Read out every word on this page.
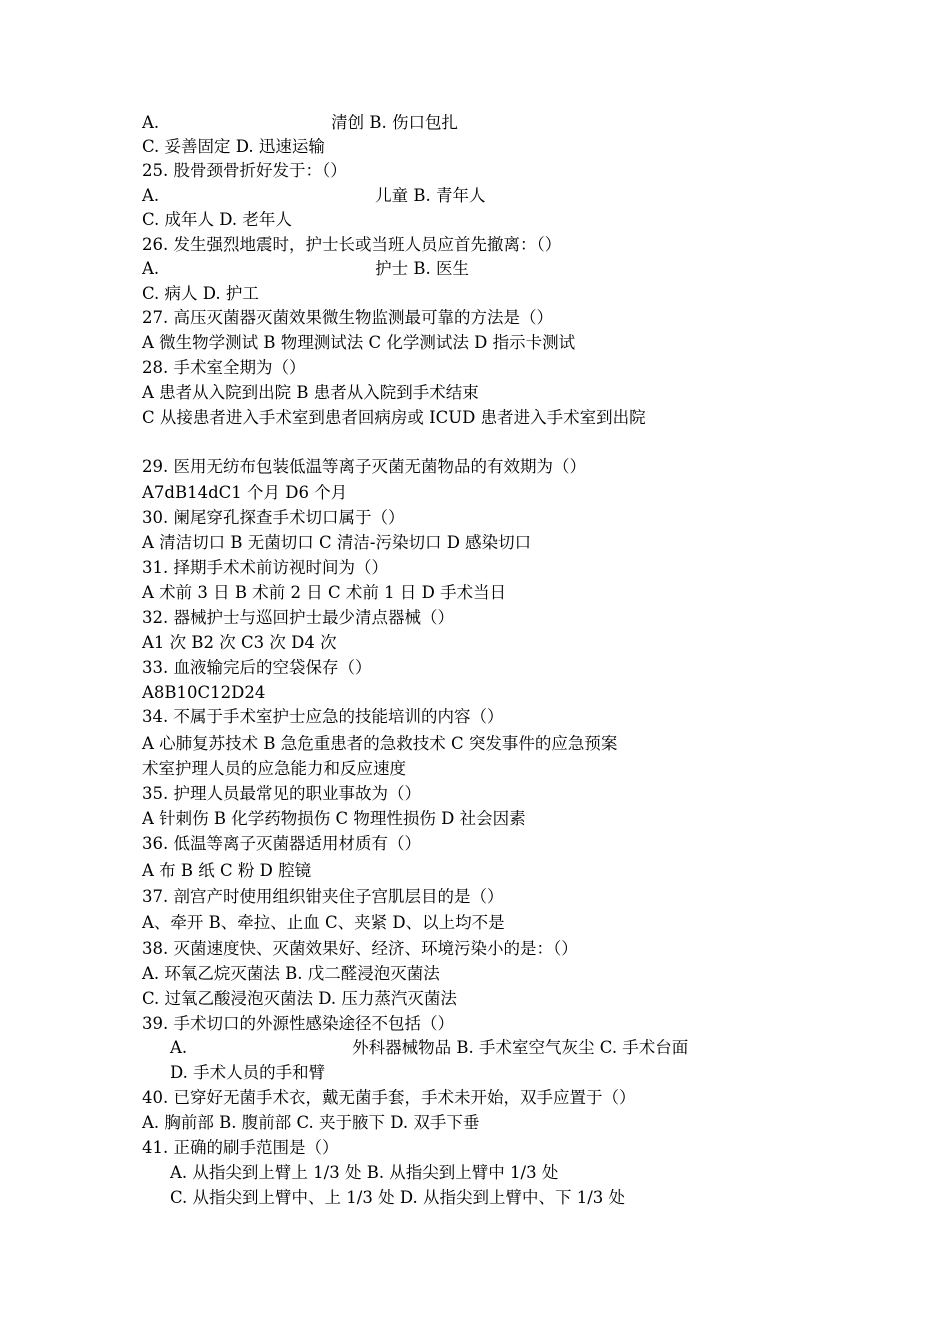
A.	清创 B. 伤口包扎
C. 妥善固定 D. 迅速运输
25. 股骨颈骨折好发于：（）
A.	儿童 B. 青年人
C. 成年人 D. 老年人
26. 发生强烈地震时，护士长或当班人员应首先撤离：（）
A.	护士 B. 医生
C. 病人 D. 护工
27. 高压灭菌器灭菌效果微生物监测最可靠的方法是（）
A 微生物学测试 B 物理测试法 C 化学测试法 D 指示卡测试
28. 手术室全期为（）
A 患者从入院到出院 B 患者从入院到手术结束
C 从接患者进入手术室到患者回病房或 ICUD 患者进入手术室到出院
29. 医用无纺布包装低温等离子灭菌无菌物品的有效期为（）
A7dB14dC1 个月 D6 个月
30. 阑尾穿孔探查手术切口属于（）
A 清洁切口 B 无菌切口 C 清洁-污染切口 D 感染切口
31. 择期手术术前访视时间为（）
A 术前 3 日 B 术前 2 日 C 术前 1 日 D 手术当日
32. 器械护士与巡回护士最少清点器械（）
A1 次 B2 次 C3 次 D4 次
33. 血液输完后的空袋保存（）
A8B10C12D24
34. 不属于手术室护士应急的技能培训的内容（）
A 心肺复苏技术 B 急危重患者的急救技术 C 突发事件的应急预案
术室护理人员的应急能力和反应速度
35. 护理人员最常见的职业事故为（）
A 针刺伤 B 化学药物损伤 C 物理性损伤 D 社会因素
36. 低温等离子灭菌器适用材质有（）
A 布 B 纸 C 粉 D 腔镜
37. 剖宫产时使用组织钳夹住子宫肌层目的是（）
A、牵开 B、牵拉、止血 C、夹紧 D、以上均不是
38. 灭菌速度快、灭菌效果好、经济、环境污染小的是：（）
A. 环氧乙烷灭菌法 B. 戊二醛浸泡灭菌法
C. 过氧乙酸浸泡灭菌法 D. 压力蒸汽灭菌法
39. 手术切口的外源性感染途径不包括（）
A.	外科器械物品 B. 手术室空气灰尘 C. 手术台面
D. 手术人员的手和臂
40. 已穿好无菌手术衣，戴无菌手套，手术未开始，双手应置于（）
A. 胸前部 B. 腹前部 C. 夹于腋下 D. 双手下垂
41. 正确的刷手范围是（）
A. 从指尖到上臂上 1/3 处 B. 从指尖到上臂中 1/3 处
C. 从指尖到上臂中、上 1/3 处 D. 从指尖到上臂中、下 1/3 处
